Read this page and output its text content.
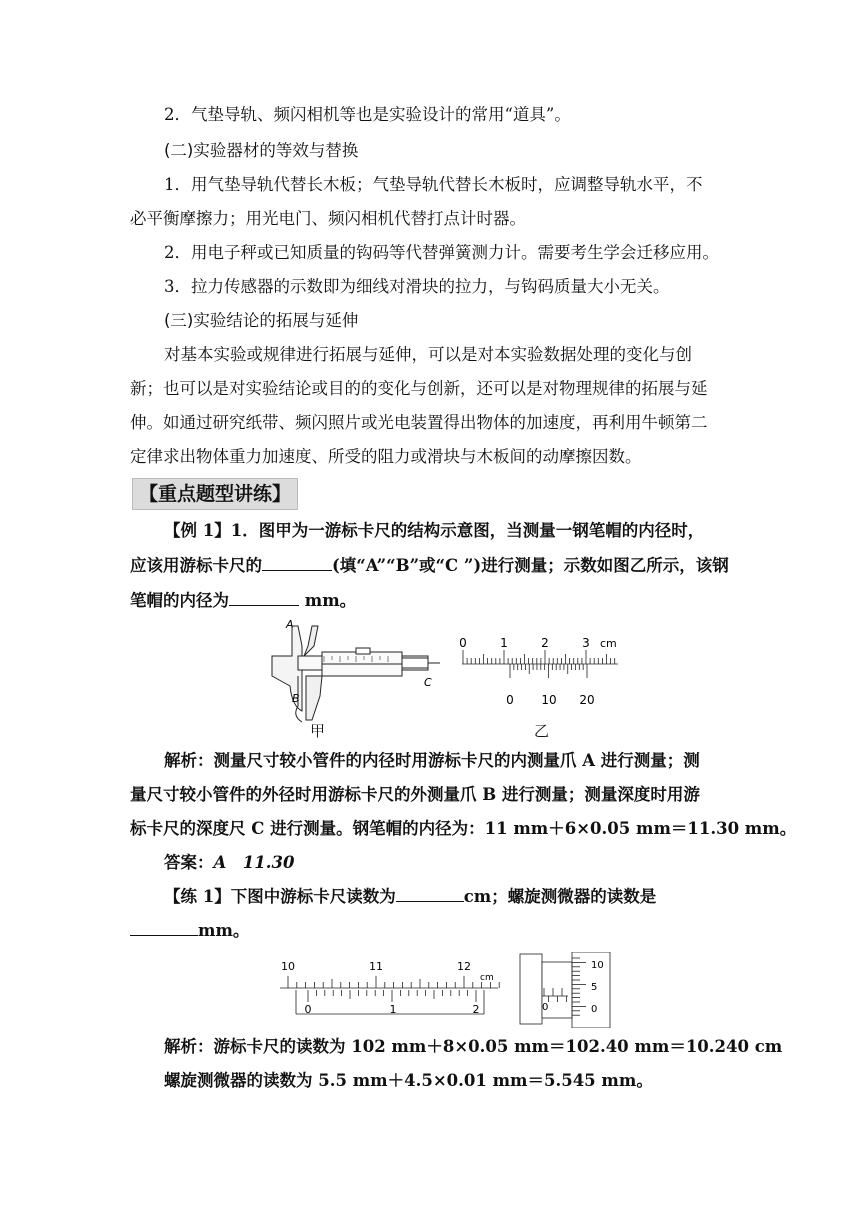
2．气垫导轨、频闪相机等也是实验设计的常用“道具”。
(二)实验器材的等效与替换
1．用气垫导轨代替长木板；气垫导轨代替长木板时，应调整导轨水平，不
必平衡摩擦力；用光电门、频闪相机代替打点计时器。
2．用电子秤或已知质量的钩码等代替弹簧测力计。需要考生学会迁移应用。
3．拉力传感器的示数即为细线对滑块的拉力，与钩码质量大小无关。
(三)实验结论的拓展与延伸
对基本实验或规律进行拓展与延伸，可以是对本实验数据处理的变化与创
新；也可以是对实验结论或目的的变化与创新，还可以是对物理规律的拓展与延
伸。如通过研究纸带、频闪照片或光电装置得出物体的加速度，再利用牛顿第二
定律求出物体重力加速度、所受的阻力或滑块与木板间的动摩擦因数。
【重点题型讲练】
【例 1】1．图甲为一游标卡尺的结构示意图，当测量一钢笔帽的内径时，
应该用游标卡尺的	(填“A”“B”或“C ”)进行测量；示数如图乙所示，该钢
笔帽的内径为	mm。
A
B
C
0	1	2	3 cm
0 10 20
甲	乙
解析：测量尺寸较小管件的内径时用游标卡尺的内测量爪 A 进行测量；测
量尺寸较小管件的外径时用游标卡尺的外测量爪 B 进行测量；测量深度时用游
标卡尺的深度尺 C 进行测量。钢笔帽的内径为：11 mm＋6×0.05 mm＝11.30 mm。
答案：A　11.30
【练 1】下图中游标卡尺读数为	cm；螺旋测微器的读数是
mm。
10	11	12
cm
0	1	2	0
10
5
0
解析：游标卡尺的读数为 102 mm＋8×0.05 mm＝102.40 mm＝10.240 cm
螺旋测微器的读数为 5.5 mm＋4.5×0.01 mm＝5.545 mm。
